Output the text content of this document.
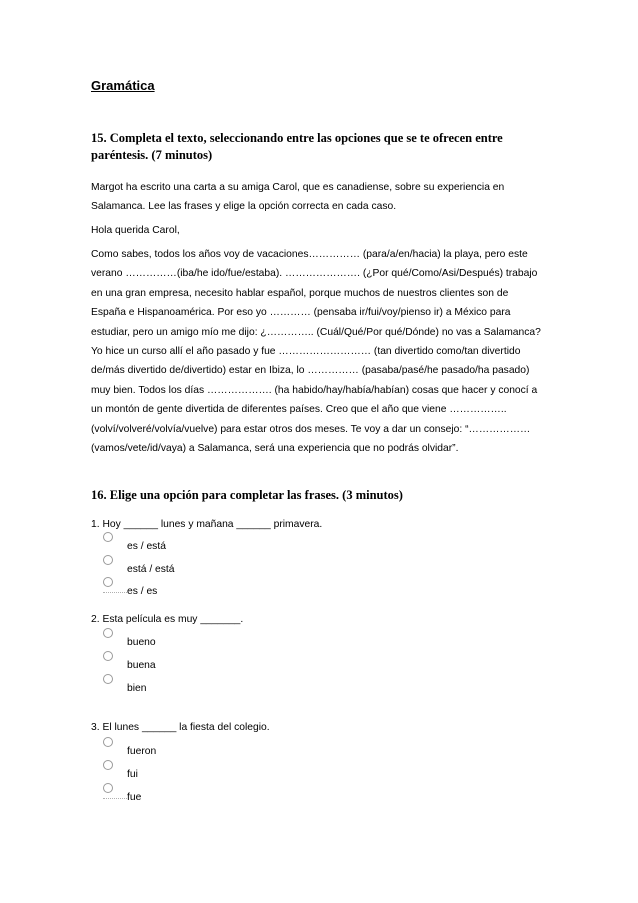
Gramática
15. Completa el texto, seleccionando entre las opciones que se te ofrecen entre
paréntesis. (7 minutos)
Margot ha escrito una carta a su amiga Carol, que es canadiense, sobre su experiencia en Salamanca. Lee las frases y elige la opción correcta en cada caso.
Hola querida Carol,
Como sabes, todos los años voy de vacaciones…………… (para/a/en/hacia) la playa, pero este verano ……………(iba/he ido/fue/estaba). …………………. (¿Por qué/Como/Asi/Después) trabajo en una gran empresa, necesito hablar español, porque muchos de nuestros clientes son de España e Hispanoamérica. Por eso yo ………… (pensaba ir/fui/voy/pienso ir) a México para estudiar, pero un amigo mío me dijo: ¿………….. (Cuál/Qué/Por qué/Dónde) no vas a Salamanca? Yo hice un curso allí el año pasado y fue ……………………… (tan divertido como/tan divertido de/más divertido de/divertido) estar en Ibiza, lo …………… (pasaba/pasé/he pasado/ha pasado) muy bien. Todos los días ………………. (ha habido/hay/había/habían) cosas que hacer y conocí a un montón de gente divertida de diferentes países. Creo que el año que viene …………….. (volví/volveré/volvía/vuelve) para estar otros dos meses. Te voy a dar un consejo: “……………… (vamos/vete/id/vaya) a Salamanca, será una experiencia que no podrás olvidar”.
16. Elige una opción para completar las frases. (3 minutos)
1. Hoy ______ lunes y mañana ______ primavera.
es / está
está / está
es / es
2. Esta película es muy _______.
bueno
buena
bien
3. El lunes ______ la fiesta del colegio.
fueron
fui
fue
